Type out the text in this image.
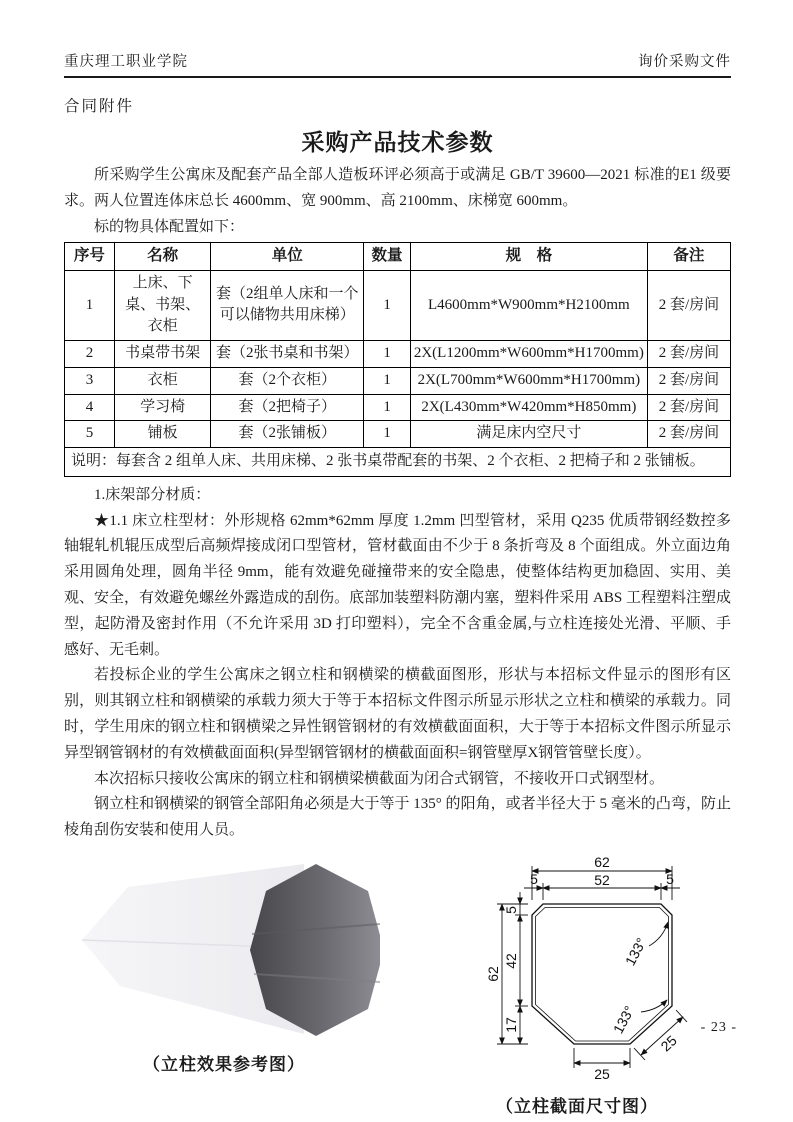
重庆理工职业学院	询价采购文件
合同附件
采购产品技术参数

所采购学生公寓床及配套产品全部人造板环评必须高于或满足 GB/T 39600—2021 标准的E1 级要求。两人位置连体床总长 4600mm、宽 900mm、高 2100mm、床梯宽 600mm。

标的物具体配置如下：

序号	名称	单位	数量	规　格	备注
1	上床、下桌、书架、衣柜	套（2组单人床和一个可以储物共用床梯）	1	L4600mm*W900mm*H2100mm	2 套/房间
2	书桌带书架	套（2张书桌和书架）	1	2X(L1200mm*W600mm*H1700mm)	2 套/房间
3	衣柜	套（2个衣柜）	1	2X(L700mm*W600mm*H1700mm)	2 套/房间
4	学习椅	套（2把椅子）	1	2X(L430mm*W420mm*H850mm)	2 套/房间
5	铺板	套（2张铺板）	1	满足床内空尺寸	2 套/房间
说明：每套含 2 组单人床、共用床梯、2 张书桌带配套的书架、2 个衣柜、2 把椅子和 2 张铺板。					

1.床架部分材质：

★1.1 床立柱型材：外形规格 62mm*62mm 厚度 1.2mm 凹型管材，采用 Q235 优质带钢经数控多轴辊轧机辊压成型后高频焊接成闭口型管材，管材截面由不少于 8 条折弯及 8 个面组成。外立面边角采用圆角处理，圆角半径 9mm，能有效避免碰撞带来的安全隐患，使整体结构更加稳固、实用、美观、安全，有效避免螺丝外露造成的刮伤。底部加装塑料防潮内塞，塑料件采用 ABS 工程塑料注塑成型，起防滑及密封作用（不允许采用 3D 打印塑料），完全不含重金属,与立柱连接处光滑、平顺、手感好、无毛刺。

若投标企业的学生公寓床之钢立柱和钢横梁的横截面图形，形状与本招标文件显示的图形有区别，则其钢立柱和钢横梁的承载力须大于等于本招标文件图示所显示形状之立柱和横梁的承载力。同时，学生用床的钢立柱和钢横梁之异性钢管钢材的有效横截面面积，大于等于本招标文件图示所显示异型钢管钢材的有效横截面面积(异型钢管钢材的横截面面积=钢管壁厚X钢管管壁长度）。

本次招标只接收公寓床的钢立柱和钢横梁横截面为闭合式钢管，不接收开口式钢型材。

钢立柱和钢横梁的钢管全部阳角必须是大于等于 135° 的阳角，或者半径大于 5 毫米的凸弯，防止棱角刮伤安装和使用人员。

（立柱效果参考图）
62
5	52	5
62
5
42
17
25
25
133°
133°
（立柱截面尺寸图）
- 23 -
